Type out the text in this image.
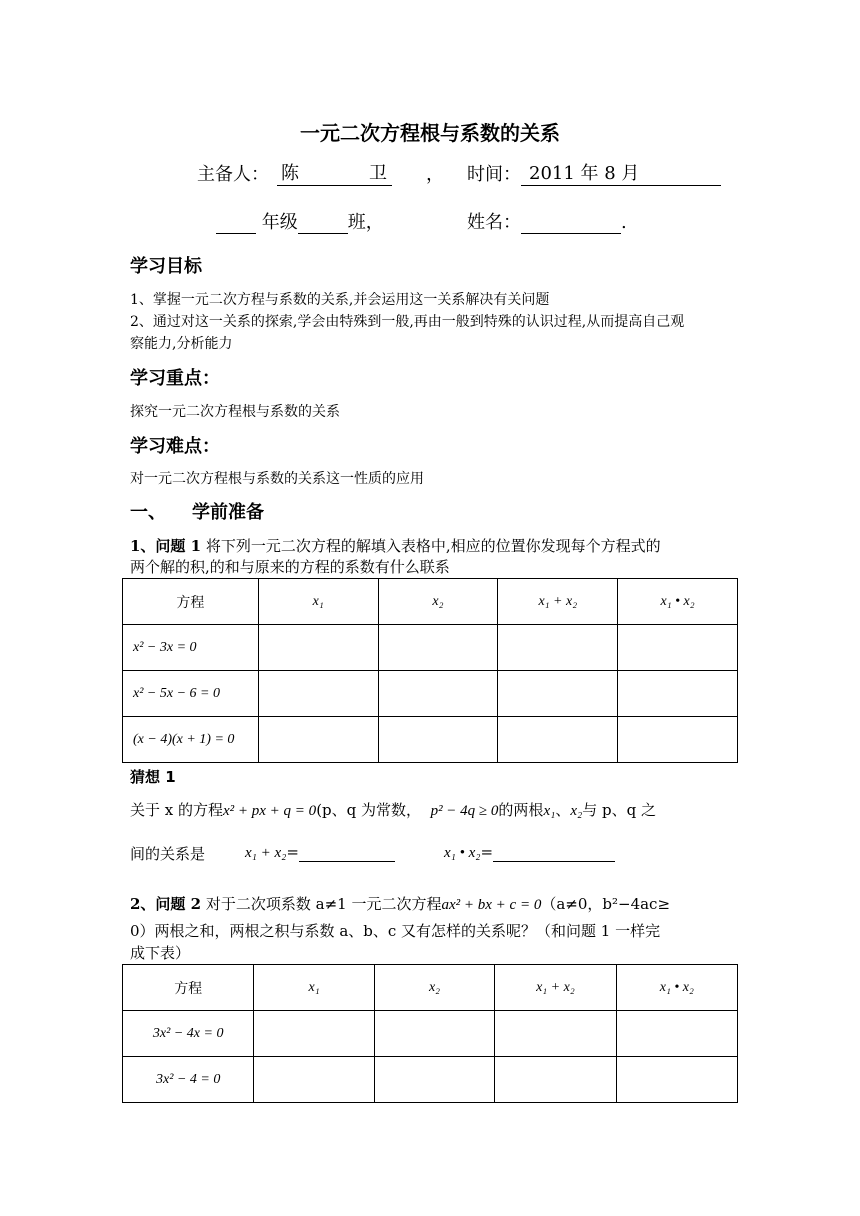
一元二次方程根与系数的关系
主备人： 陈	卫 ， 时间： 2011 年 8 月
年级	班，	姓名：	.
学习目标
1、掌握一元二次方程与系数的关系,并会运用这一关系解决有关问题
2、通过对这一关系的探索,学会由特殊到一般,再由一般到特殊的认识过程,从而提高自己观
察能力,分析能力
学习重点：
探究一元二次方程根与系数的关系
学习难点：
对一元二次方程根与系数的关系这一性质的应用
一、 学前准备
1、问题 1 将下列一元二次方程的解填入表格中,相应的位置你发现每个方程式的
两个解的积,的和与原来的方程的系数有什么联系
方程	x₁	x₂	x₁ + x₂	x₁ • x₂
x² − 3x = 0				
x² − 5x − 6 = 0				
(x − 4)(x + 1) = 0				
猜想 1
关于 x 的方程x² + px + q = 0(p、q 为常数， p² − 4q ≥ 0的两根x₁、x₂与 p、q 之
间的关系是	x₁ + x₂=	x₁ • x₂=
2、问题 2 对于二次项系数 a≠1 一元二次方程ax² + bx + c = 0（a≠0，b²−4ac≥
0）两根之和，两根之积与系数 a、b、c 又有怎样的关系呢？（和问题 1 一样完
成下表）
方程	x₁	x₂	x₁ + x₂	x₁ • x₂
3x² − 4x = 0				
3x² − 4 = 0				
